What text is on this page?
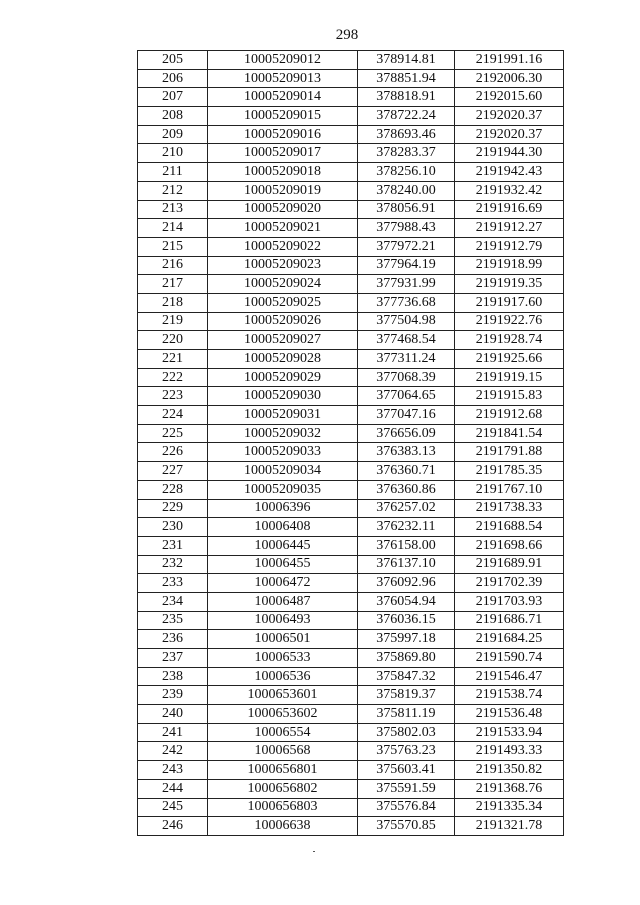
298
205	10005209012	378914.81	2191991.16
206	10005209013	378851.94	2192006.30
207	10005209014	378818.91	2192015.60
208	10005209015	378722.24	2192020.37
209	10005209016	378693.46	2192020.37
210	10005209017	378283.37	2191944.30
211	10005209018	378256.10	2191942.43
212	10005209019	378240.00	2191932.42
213	10005209020	378056.91	2191916.69
214	10005209021	377988.43	2191912.27
215	10005209022	377972.21	2191912.79
216	10005209023	377964.19	2191918.99
217	10005209024	377931.99	2191919.35
218	10005209025	377736.68	2191917.60
219	10005209026	377504.98	2191922.76
220	10005209027	377468.54	2191928.74
221	10005209028	377311.24	2191925.66
222	10005209029	377068.39	2191919.15
223	10005209030	377064.65	2191915.83
224	10005209031	377047.16	2191912.68
225	10005209032	376656.09	2191841.54
226	10005209033	376383.13	2191791.88
227	10005209034	376360.71	2191785.35
228	10005209035	376360.86	2191767.10
229	10006396	376257.02	2191738.33
230	10006408	376232.11	2191688.54
231	10006445	376158.00	2191698.66
232	10006455	376137.10	2191689.91
233	10006472	376092.96	2191702.39
234	10006487	376054.94	2191703.93
235	10006493	376036.15	2191686.71
236	10006501	375997.18	2191684.25
237	10006533	375869.80	2191590.74
238	10006536	375847.32	2191546.47
239	1000653601	375819.37	2191538.74
240	1000653602	375811.19	2191536.48
241	10006554	375802.03	2191533.94
242	10006568	375763.23	2191493.33
243	1000656801	375603.41	2191350.82
244	1000656802	375591.59	2191368.76
245	1000656803	375576.84	2191335.34
246	10006638	375570.85	2191321.78
